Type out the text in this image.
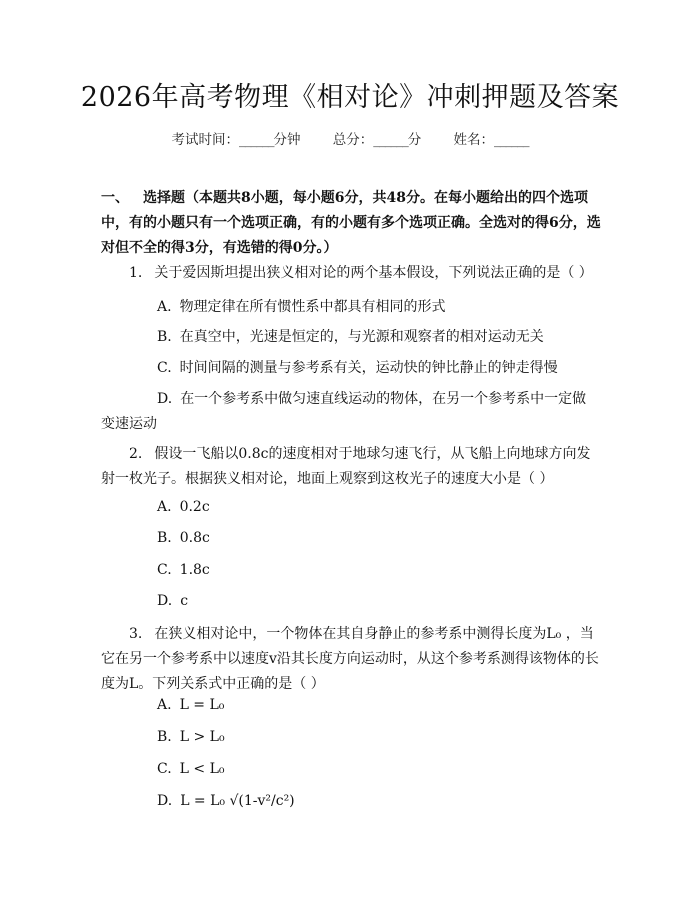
2026年高考物理《相对论》冲刺押题及答案
考试时间：______分钟 总分：______分 姓名：______
一、 选择题（本题共8小题，每小题6分，共48分。在每小题给出的四个选项中，有的小题只有一个选项正确，有的小题有多个选项正确。全选对的得6分，选对但不全的得3分，有选错的得0分。）
1. 关于爱因斯坦提出狭义相对论的两个基本假设，下列说法正确的是（ ）
A. 物理定律在所有惯性系中都具有相同的形式
B. 在真空中，光速是恒定的，与光源和观察者的相对运动无关
C. 时间间隔的测量与参考系有关，运动快的钟比静止的钟走得慢
D. 在一个参考系中做匀速直线运动的物体，在另一个参考系中一定做变速运动
2. 假设一飞船以0.8c的速度相对于地球匀速飞行，从飞船上向地球方向发射一枚光子。根据狭义相对论，地面上观察到这枚光子的速度大小是（ ）
A. 0.2c
B. 0.8c
C. 1.8c
D. c
3. 在狭义相对论中，一个物体在其自身静止的参考系中测得长度为L₀ ，当它在另一个参考系中以速度v沿其长度方向运动时，从这个参考系测得该物体的长度为L。下列关系式中正确的是（ ）
A. L = L₀
B. L > L₀
C. L < L₀
D. L = L₀ √(1-v²/c²)
